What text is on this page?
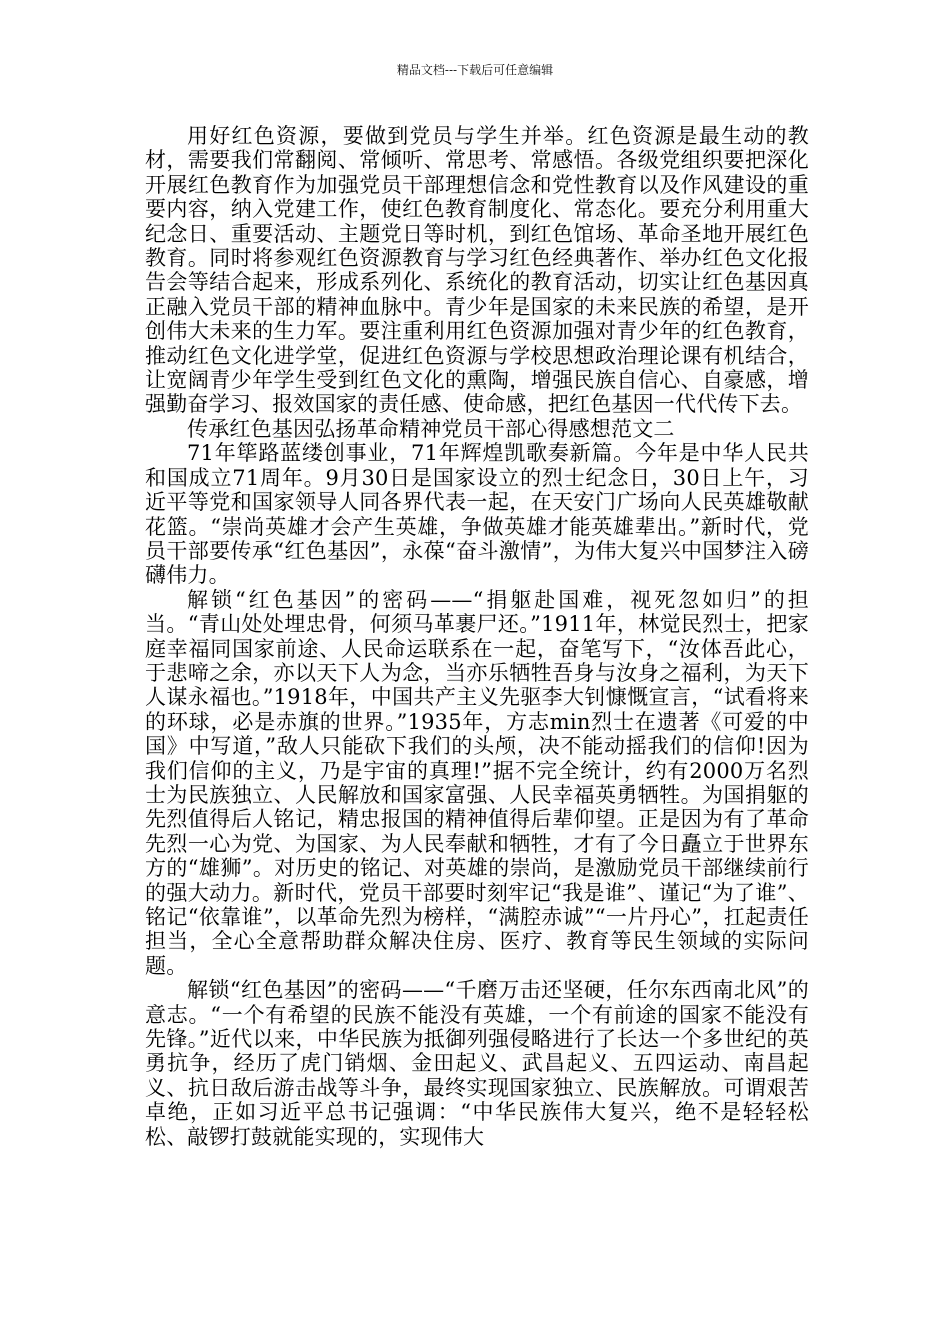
精品文档---下载后可任意编辑

用好红色资源，要做到党员与学生并举。红色资源是最生动的教材，需要我们常翻阅、常倾听、常思考、常感悟。各级党组织要把深化开展红色教育作为加强党员干部理想信念和党性教育以及作风建设的重要内容，纳入党建工作，使红色教育制度化、常态化。要充分利用重大纪念日、重要活动、主题党日等时机，到红色馆场、革命圣地开展红色教育。同时将参观红色资源教育与学习红色经典著作、举办红色文化报告会等结合起来，形成系列化、系统化的教育活动，切实让红色基因真正融入党员干部的精神血脉中。青少年是国家的未来民族的希望，是开创伟大未来的生力军。要注重利用红色资源加强对青少年的红色教育，推动红色文化进学堂，促进红色资源与学校思想政治理论课有机结合，让宽阔青少年学生受到红色文化的熏陶，增强民族自信心、自豪感，增强勤奋学习、报效国家的责任感、使命感，把红色基因一代代传下去。

传承红色基因弘扬革命精神党员干部心得感想范文二

71年筚路蓝缕创事业，71年辉煌凯歌奏新篇。今年是中华人民共和国成立71周年。9月30日是国家设立的烈士纪念日，30日上午，习近平等党和国家领导人同各界代表一起，在天安门广场向人民英雄敬献花篮。“崇尚英雄才会产生英雄，争做英雄才能英雄辈出。”新时代，党员干部要传承“红色基因”，永葆“奋斗激情”，为伟大复兴中国梦注入磅礴伟力。

解锁“红色基因”的密码——“捐躯赴国难，视死忽如归”的担当。“青山处处埋忠骨，何须马革裹尸还。”1911年，林觉民烈士，把家庭幸福同国家前途、人民命运联系在一起，奋笔写下，“汝体吾此心，于悲啼之余，亦以天下人为念，当亦乐牺牲吾身与汝身之福利，为天下人谋永福也。”1918年，中国共产主义先驱李大钊慷慨宣言，“试看将来的环球，必是赤旗的世界。”1935年，方志min烈士在遗著《可爱的中国》中写道，”敌人只能砍下我们的头颅，决不能动摇我们的信仰!因为我们信仰的主义，乃是宇宙的真理!”据不完全统计，约有2000万名烈士为民族独立、人民解放和国家富强、人民幸福英勇牺牲。为国捐躯的先烈值得后人铭记，精忠报国的精神值得后辈仰望。正是因为有了革命先烈一心为党、为国家、为人民奉献和牺牲，才有了今日矗立于世界东方的“雄狮”。对历史的铭记、对英雄的崇尚，是激励党员干部继续前行的强大动力。新时代，党员干部要时刻牢记“我是谁”、谨记“为了谁”、铭记“依靠谁”，以革命先烈为榜样，“满腔赤诚”“一片丹心”，扛起责任担当，全心全意帮助群众解决住房、医疗、教育等民生领域的实际问题。

解锁“红色基因”的密码——“千磨万击还坚硬，任尔东西南北风”的意志。“一个有希望的民族不能没有英雄，一个有前途的国家不能没有先锋。”近代以来，中华民族为抵御列强侵略进行了长达一个多世纪的英勇抗争，经历了虎门销烟、金田起义、武昌起义、五四运动、南昌起义、抗日敌后游击战等斗争，最终实现国家独立、民族解放。可谓艰苦卓绝，正如习近平总书记强调：“中华民族伟大复兴，绝不是轻轻松松、敲锣打鼓就能实现的，实现伟大
